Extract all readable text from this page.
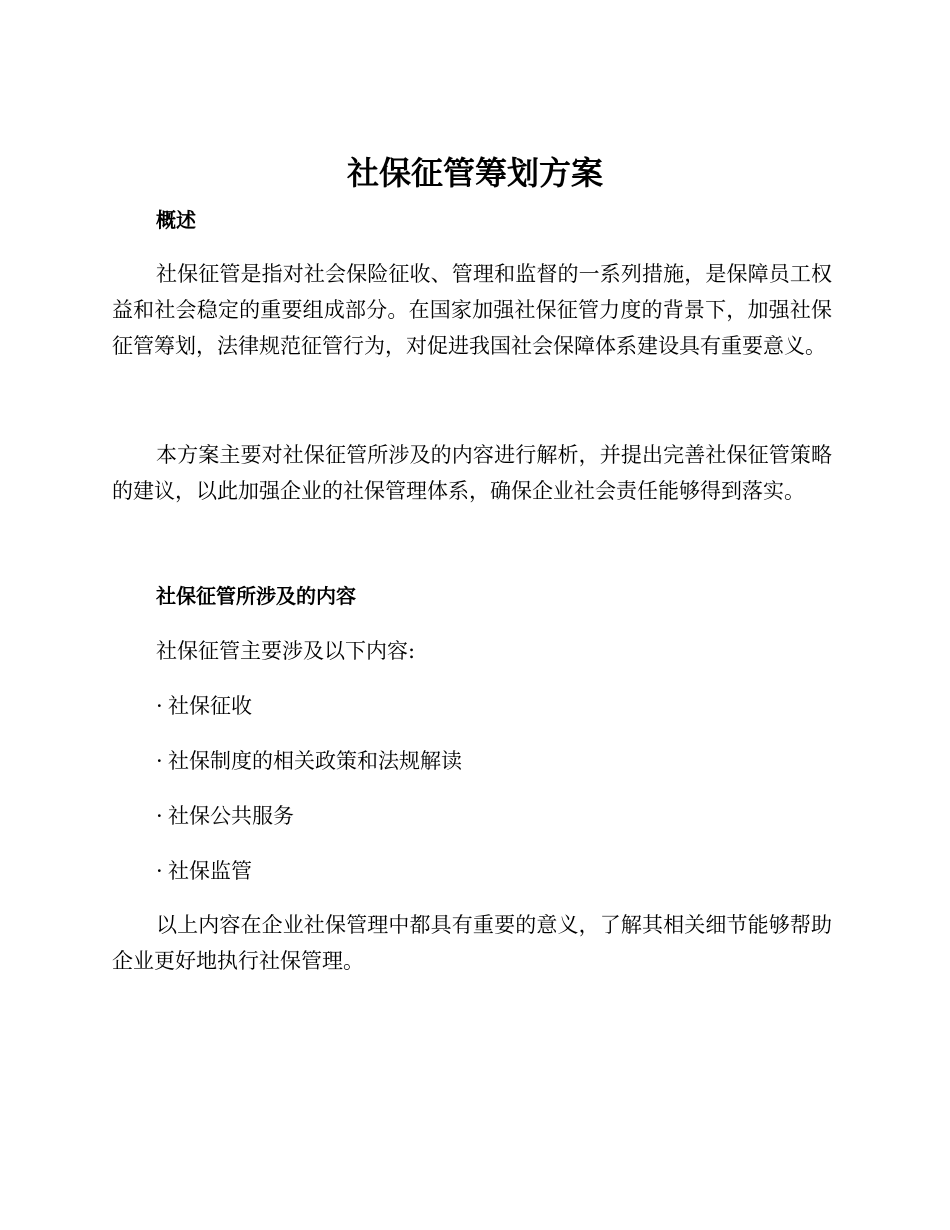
社保征管筹划方案
概述

社保征管是指对社会保险征收、管理和监督的一系列措施，是保障员工权益和社会稳定的重要组成部分。在国家加强社保征管力度的背景下，加强社保征管筹划，法律规范征管行为，对促进我国社会保障体系建设具有重要意义。

本方案主要对社保征管所涉及的内容进行解析，并提出完善社保征管策略的建议，以此加强企业的社保管理体系，确保企业社会责任能够得到落实。

社保征管所涉及的内容

社保征管主要涉及以下内容:

· 社保征收

· 社保制度的相关政策和法规解读

· 社保公共服务

· 社保监管

以上内容在企业社保管理中都具有重要的意义，了解其相关细节能够帮助企业更好地执行社保管理。
